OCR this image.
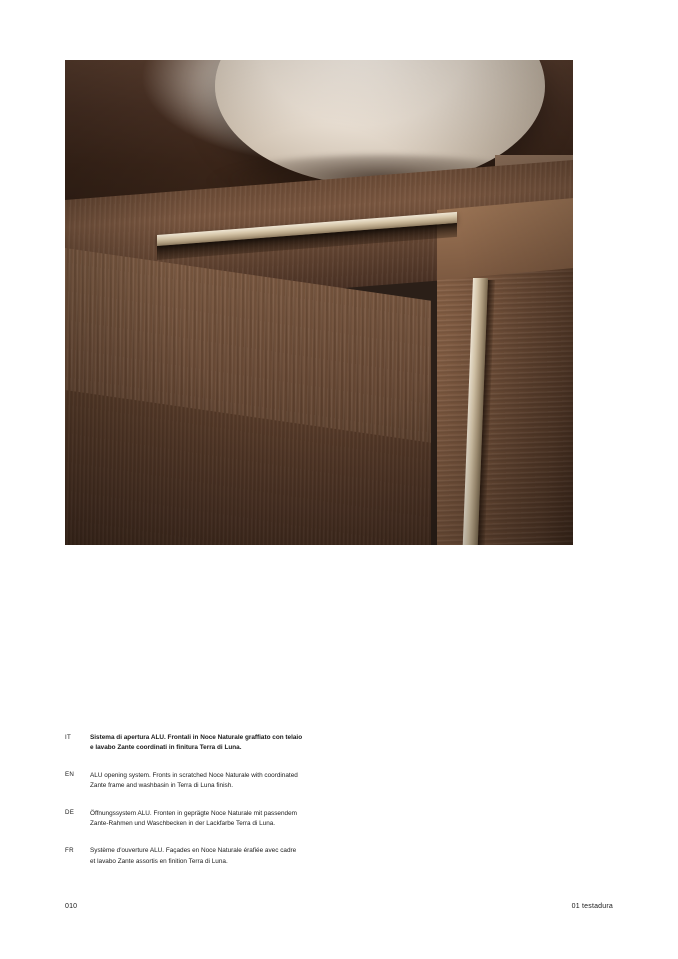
IT	Sistema di apertura ALU. Frontali in Noce Naturale graffiato con telaio
e lavabo Zante coordinati in finitura Terra di Luna.
EN	ALU opening system. Fronts in scratched Noce Naturale with coordinated
Zante frame and washbasin in Terra di Luna finish.
DE	Öffnungssystem ALU. Fronten in geprägte Noce Naturale mit passendem
Zante-Rahmen und Waschbecken in der Lackfarbe Terra di Luna.
FR	Système d'ouverture ALU. Façades en Noce Naturale érafiée avec cadre
et lavabo Zante assortis en finition Terra di Luna.
010	01 testadura
